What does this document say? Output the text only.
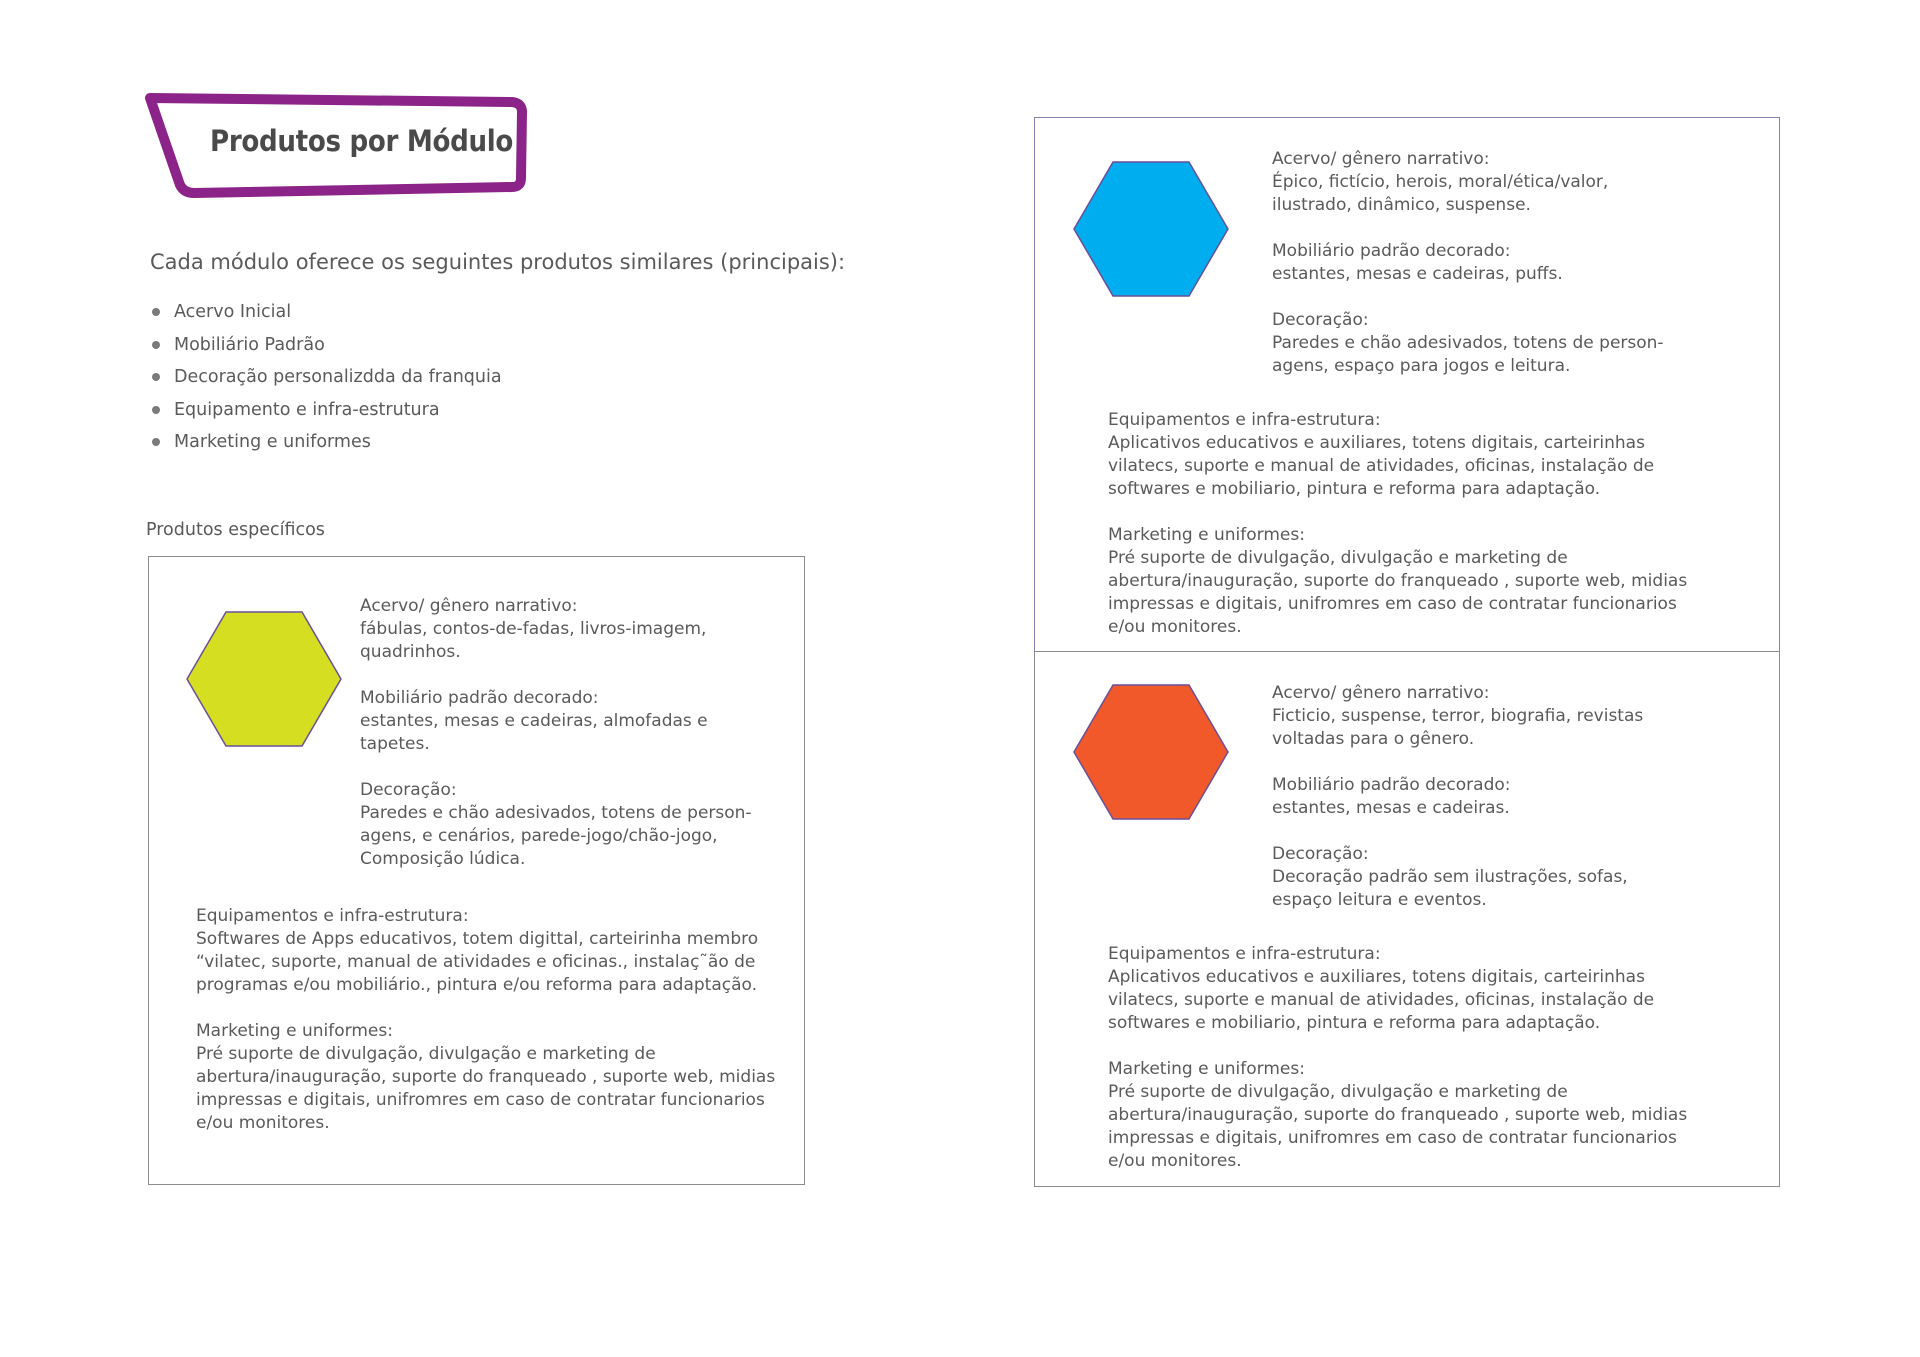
Produtos por Módulo
Cada módulo oferece os seguintes produtos similares (principais):
Acervo Inicial
Mobiliário Padrão
Decoração personalizdda da franquia
Equipamento e infra-estrutura
Marketing e uniformes
Produtos específicos
Acervo/ gênero narrativo:
fábulas, contos-de-fadas, livros-imagem,
quadrinhos.
Mobiliário padrão decorado:
estantes, mesas e cadeiras, almofadas e
tapetes.
Decoração:
Paredes e chão adesivados, totens de person-
agens, e cenários, parede-jogo/chão-jogo,
Composição lúdica.
Equipamentos e infra-estrutura:
Softwares de Apps educativos, totem digittal, carteirinha membro
“vilatec, suporte, manual de atividades e oficinas., instalaç˜ão de
programas e/ou mobiliário., pintura e/ou reforma para adaptação.
Marketing e uniformes:
Pré suporte de divulgação, divulgação e marketing de
abertura/inauguração, suporte do franqueado , suporte web, midias
impressas e digitais, unifromres em caso de contratar funcionarios
e/ou monitores.
Acervo/ gênero narrativo:
Épico, fictício, herois, moral/ética/valor,
ilustrado, dinâmico, suspense.
Mobiliário padrão decorado:
estantes, mesas e cadeiras, puffs.
Decoração:
Paredes e chão adesivados, totens de person-
agens, espaço para jogos e leitura.
Equipamentos e infra-estrutura:
Aplicativos educativos e auxiliares, totens digitais, carteirinhas
vilatecs, suporte e manual de atividades, oficinas, instalação de
softwares e mobiliario, pintura e reforma para adaptação.
Marketing e uniformes:
Pré suporte de divulgação, divulgação e marketing de
abertura/inauguração, suporte do franqueado , suporte web, midias
impressas e digitais, unifromres em caso de contratar funcionarios
e/ou monitores.
Acervo/ gênero narrativo:
Ficticio, suspense, terror, biografia, revistas
voltadas para o gênero.
Mobiliário padrão decorado:
estantes, mesas e cadeiras.
Decoração:
Decoração padrão sem ilustrações, sofas,
espaço leitura e eventos.
Equipamentos e infra-estrutura:
Aplicativos educativos e auxiliares, totens digitais, carteirinhas
vilatecs, suporte e manual de atividades, oficinas, instalação de
softwares e mobiliario, pintura e reforma para adaptação.
Marketing e uniformes:
Pré suporte de divulgação, divulgação e marketing de
abertura/inauguração, suporte do franqueado , suporte web, midias
impressas e digitais, unifromres em caso de contratar funcionarios
e/ou monitores.
